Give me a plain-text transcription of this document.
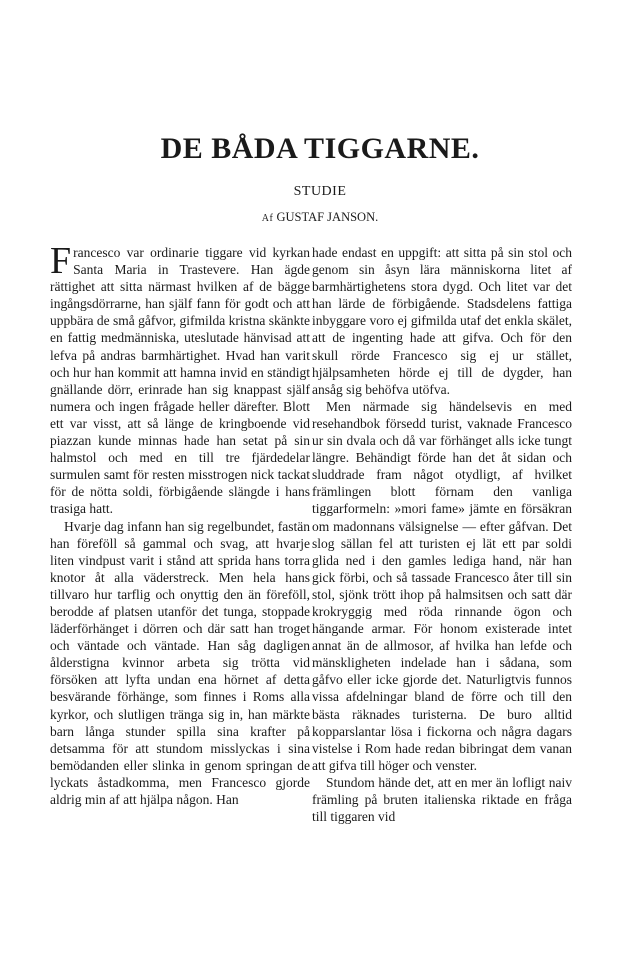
DE BÅDA TIGGARNE.
STUDIE
Af GUSTAF JANSON.

Francesco var ordinarie tiggare vid kyrkan Santa Maria in Trastevere. Han ägde rättighet att sitta närmast hvilken af de bägge ingångsdörrarne, han själf fann för godt och att uppbära de små gåfvor, gifmilda kristna skänkte en fattig medmänniska, uteslutade hänvisad att lefva på andras barmhärtighet. Hvad han varit och hur han kommit att hamna invid en ständigt gnällande dörr, erinrade han sig knappast själf numera och ingen frågade heller därefter. Blott ett var visst, att så länge de kringboende vid piazzan kunde minnas hade han setat på sin halmstol och med en till tre fjärdedelar surmulen samt för resten misstrogen nick tackat för de nötta soldi, förbigående slängde i hans trasiga hatt.

Hvarje dag infann han sig regelbundet, fastän han föreföll så gammal och svag, att hvarje liten vindpust varit i stånd att sprida hans torra knotor åt alla väderstreck. Men hela hans tillvaro hur tarflig och onyttig den än föreföll, berodde af platsen utanför det tunga, stoppade läderförhänget i dörren och där satt han troget och väntade och väntade. Han såg dagligen ålderstigna kvinnor arbeta sig trötta vid försöken att lyfta undan ena hörnet af detta besvärande förhänge, som finnes i Roms alla kyrkor, och slutligen tränga sig in, han märkte barn långa stunder spilla sina krafter på detsamma för att stundom misslyckas i sina bemödanden eller slinka in genom springan de lyckats åstadkomma, men Francesco gjorde aldrig min af att hjälpa någon. Han

hade endast en uppgift: att sitta på sin stol och genom sin åsyn lära människorna litet af barmhärtighetens stora dygd. Och litet var det han lärde de förbigående. Stadsdelens fattiga inbyggare voro ej gifmilda utaf det enkla skälet, att de ingenting hade att gifva. Och för den skull rörde Francesco sig ej ur stället, hjälpsamheten hörde ej till de dygder, han ansåg sig behöfva utöfva.

Men närmade sig händelsevis en med resehandbok försedd turist, vaknade Francesco ur sin dvala och då var förhänget alls icke tungt längre. Behändigt förde han det åt sidan och sluddrade fram något otydligt, af hvilket främlingen blott förnam den vanliga tiggarformeln: »mori fame» jämte en försäkran om madonnans välsignelse — efter gåfvan. Det slog sällan fel att turisten ej lät ett par soldi glida ned i den gamles lediga hand, när han gick förbi, och så tassade Francesco åter till sin stol, sjönk trött ihop på halmsitsen och satt där krokryggig med röda rinnande ögon och hängande armar. För honom existerade intet annat än de allmosor, af hvilka han lefde och mänskligheten indelade han i sådana, som gåfvo eller icke gjorde det. Naturligtvis funnos vissa afdelningar bland de förre och till den bästa räknades turisterna. De buro alltid kopparslantar lösa i fickorna och några dagars vistelse i Rom hade redan bibringat dem vanan att gifva till höger och venster.

Stundom hände det, att en mer än lofligt naiv främling på bruten italienska riktade en fråga till tiggaren vid
